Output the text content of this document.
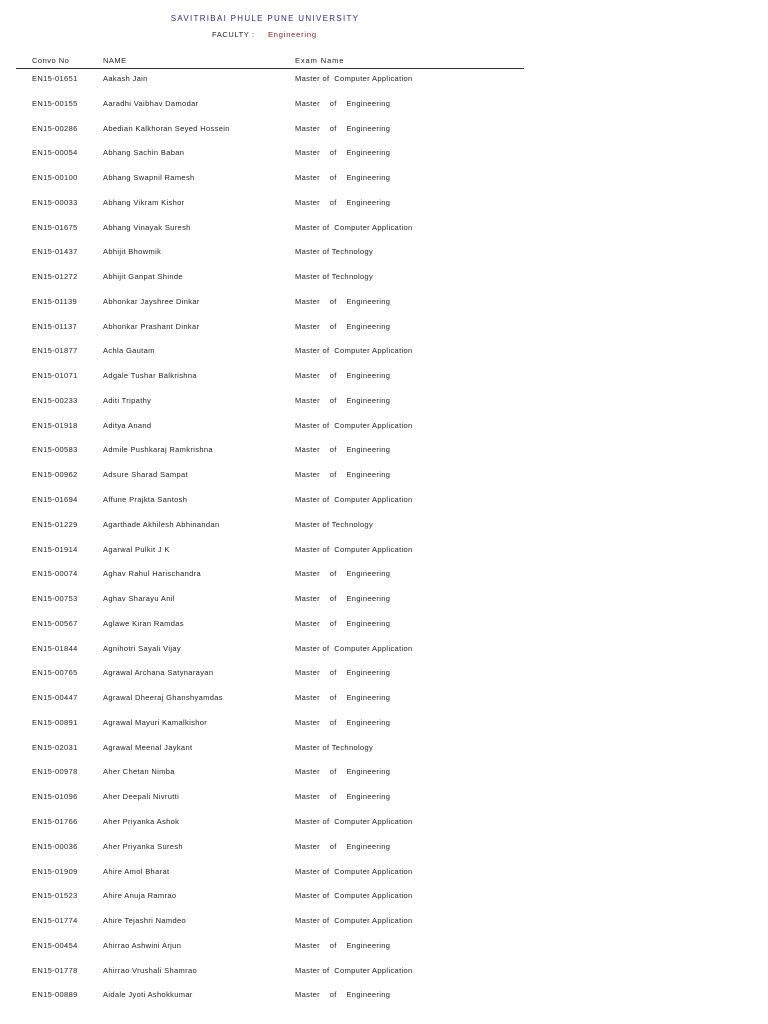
SAVITRIBAI PHULE PUNE UNIVERSITY
FACULTY : Engineering
Convo No	NAME	Exam Name
EN15-01651	Aakash Jain	Master of  Computer Application
EN15-00155	Aaradhi Vaibhav Damodar	Master    of    Engineering
EN15-00286	Abedian Kalkhoran Seyed Hossein	Master    of    Engineering
EN15-00054	Abhang Sachin Baban	Master    of    Engineering
EN15-00100	Abhang Swapnil Ramesh	Master    of    Engineering
EN15-00033	Abhang Vikram Kishor	Master    of    Engineering
EN15-01675	Abhang Vinayak Suresh	Master of  Computer Application
EN15-01437	Abhijit Bhowmik	Master of Technology
EN15-01272	Abhijit Ganpat Shinde	Master of Technology
EN15-01139	Abhonkar Jayshree Dinkar	Master    of    Engineering
EN15-01137	Abhonkar Prashant Dinkar	Master    of    Engineering
EN15-01877	Achla Gautam	Master of  Computer Application
EN15-01071	Adgale Tushar Balkrishna	Master    of    Engineering
EN15-00233	Aditi Tripathy	Master    of    Engineering
EN15-01918	Aditya Anand	Master of  Computer Application
EN15-00583	Admile Pushkaraj Ramkrishna	Master    of    Engineering
EN15-00962	Adsure Sharad Sampat	Master    of    Engineering
EN15-01694	Affune Prajkta Santosh	Master of  Computer Application
EN15-01229	Agarthade Akhilesh Abhinandan	Master of Technology
EN15-01914	Agarwal Pulkit J K	Master of  Computer Application
EN15-00074	Aghav Rahul Harischandra	Master    of    Engineering
EN15-00753	Aghav Sharayu Anil	Master    of    Engineering
EN15-00567	Aglawe Kiran Ramdas	Master    of    Engineering
EN15-01844	Agnihotri Sayali Vijay	Master of  Computer Application
EN15-00765	Agrawal Archana Satynarayan	Master    of    Engineering
EN15-00447	Agrawal Dheeraj Ghanshyamdas	Master    of    Engineering
EN15-00891	Agrawal Mayuri Kamalkishor	Master    of    Engineering
EN15-02031	Agrawal Meenal Jaykant	Master of Technology
EN15-00978	Aher Chetan Nimba	Master    of    Engineering
EN15-01096	Aher Deepali Nivrutti	Master    of    Engineering
EN15-01766	Aher Priyanka Ashok	Master of  Computer Application
EN15-00036	Aher Priyanka Suresh	Master    of    Engineering
EN15-01909	Ahire Amol Bharat	Master of  Computer Application
EN15-01523	Ahire Anuja Ramrao	Master of  Computer Application
EN15-01774	Ahire Tejashri Namdeo	Master of  Computer Application
EN15-00454	Ahirrao Ashwini Arjun	Master    of    Engineering
EN15-01778	Ahirrao Vrushali Shamrao	Master of  Computer Application
EN15-00889	Aidale Jyoti Ashokkumar	Master    of    Engineering
